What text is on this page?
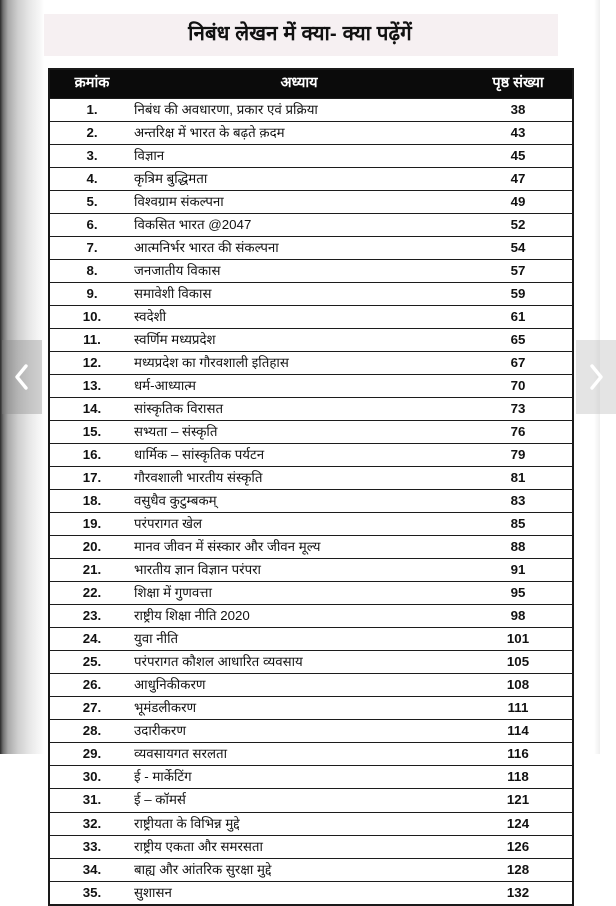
निबंध लेखन में क्या- क्या पढ़ेंगें
क्रमांक	अध्याय	पृष्ठ संख्या
1.	निबंध की अवधारणा, प्रकार एवं प्रक्रिया	38
2.	अन्तरिक्ष में भारत के बढ़ते क़दम	43
3.	विज्ञान	45
4.	कृत्रिम बुद्धिमता	47
5.	विश्वग्राम संकल्पना	49
6.	विकसित भारत @2047	52
7.	आत्मनिर्भर भारत की संकल्पना	54
8.	जनजातीय विकास	57
9.	समावेशी विकास	59
10.	स्वदेशी	61
11.	स्वर्णिम मध्यप्रदेश	65
12.	मध्यप्रदेश का गौरवशाली इतिहास	67
13.	धर्म-आध्यात्म	70
14.	सांस्कृतिक विरासत	73
15.	सभ्यता – संस्कृति	76
16.	धार्मिक – सांस्कृतिक पर्यटन	79
17.	गौरवशाली भारतीय संस्कृति	81
18.	वसुधैव कुटुम्बकम्	83
19.	परंपरागत खेल	85
20.	मानव जीवन में संस्कार और जीवन मूल्य	88
21.	भारतीय ज्ञान विज्ञान परंपरा	91
22.	शिक्षा में गुणवत्ता	95
23.	राष्ट्रीय शिक्षा नीति 2020	98
24.	युवा नीति	101
25.	परंपरागत कौशल आधारित व्यवसाय	105
26.	आधुनिकीकरण	108
27.	भूमंडलीकरण	111
28.	उदारीकरण	114
29.	व्यवसायगत सरलता	116
30.	ई - मार्केटिंग	118
31.	ई – कॉमर्स	121
32.	राष्ट्रीयता के विभिन्न मुद्दे	124
33.	राष्ट्रीय एकता और समरसता	126
34.	बाह्य और आंतरिक सुरक्षा मुद्दे	128
35.	सुशासन	132
